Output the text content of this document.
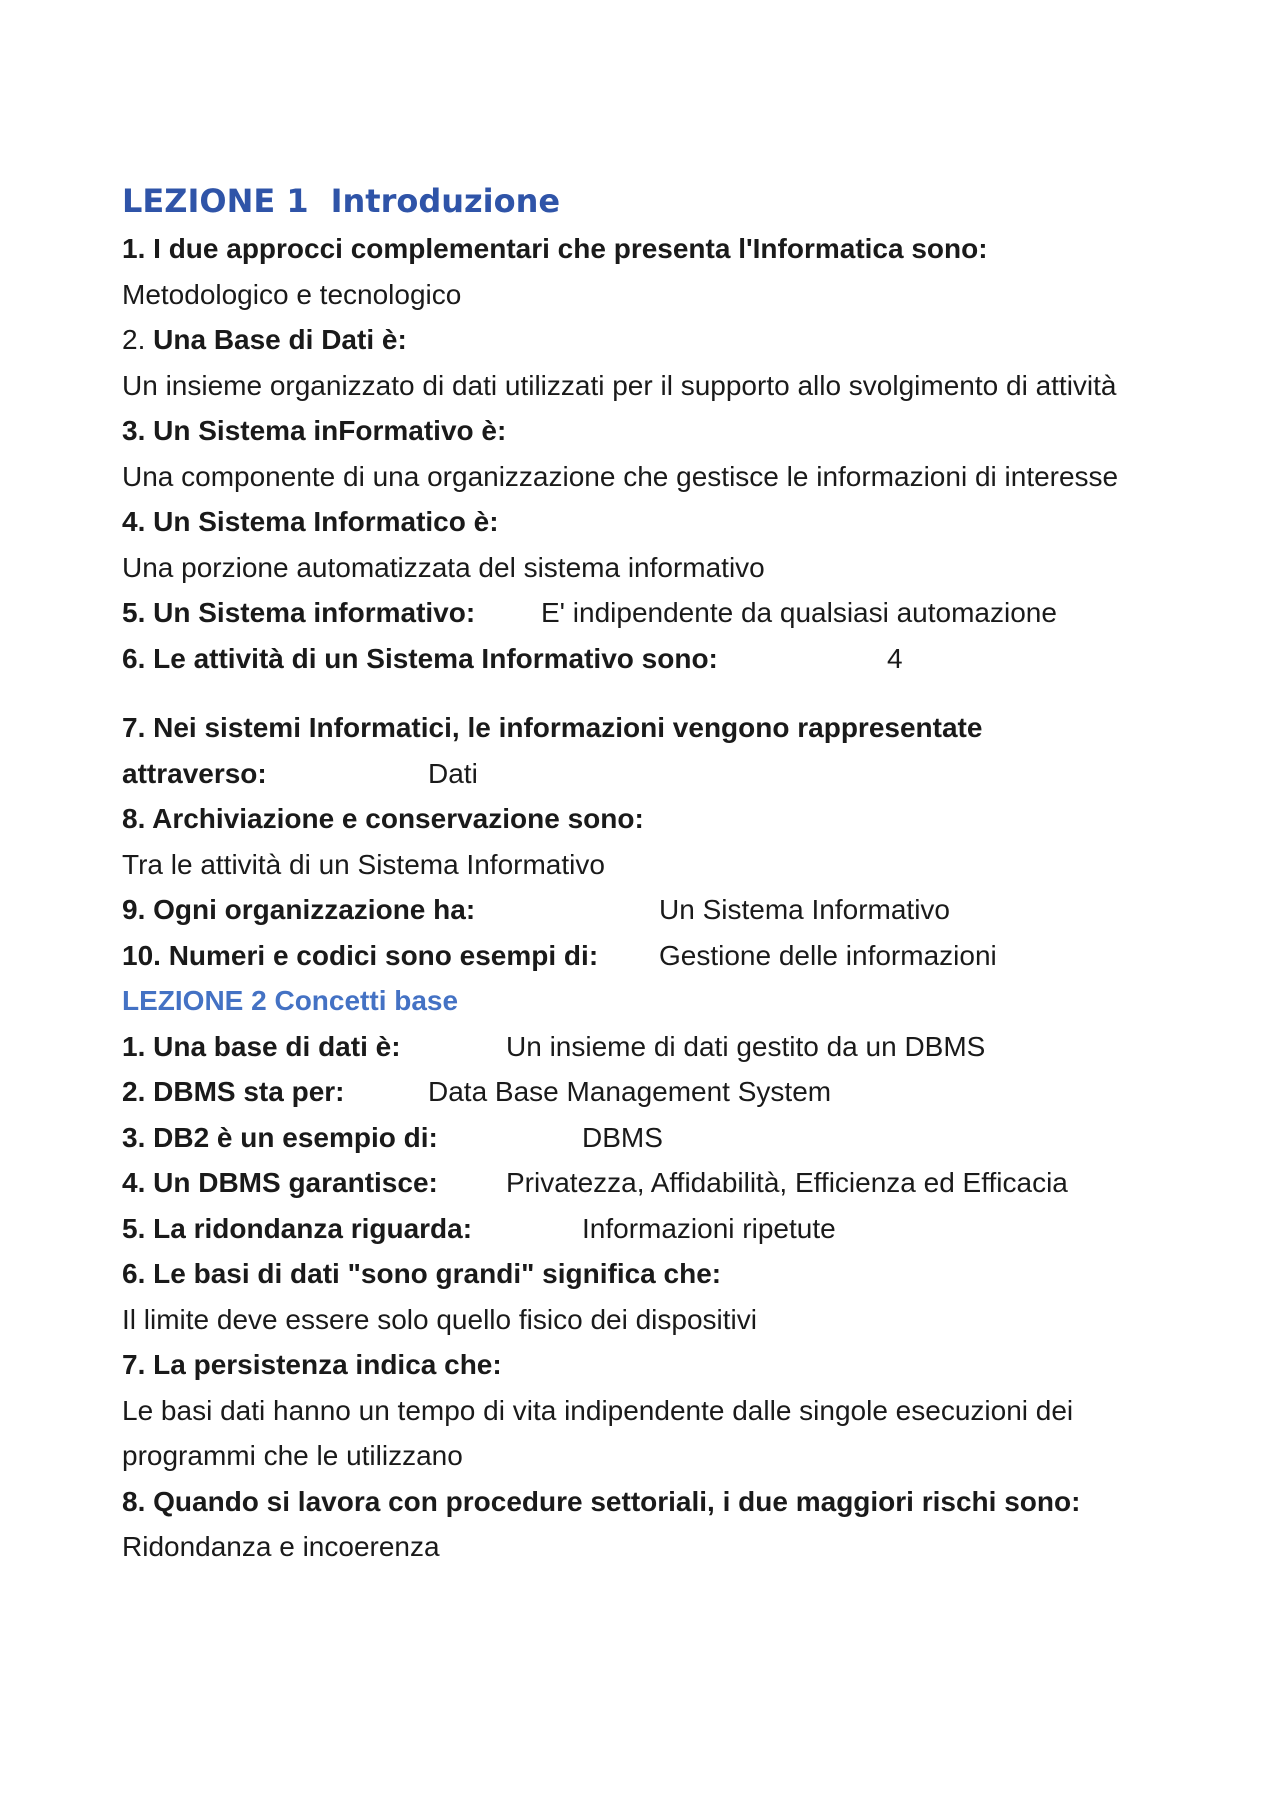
LEZIONE 1 Introduzione

1. I due approcci complementari che presenta l'Informatica sono:

Metodologico e tecnologico

2. Una Base di Dati è:

Un insieme organizzato di dati utilizzati per il supporto allo svolgimento di attività

3. Un Sistema inFormativo è:

Una componente di una organizzazione che gestisce le informazioni di interesse

4. Un Sistema Informatico è:

Una porzione automatizzata del sistema informativo

5. Un Sistema informativo: E' indipendente da qualsiasi automazione

6. Le attività di un Sistema Informativo sono:	4

7. Nei sistemi Informatici, le informazioni vengono rappresentate

attraverso:	Dati

8. Archiviazione e conservazione sono:

Tra le attività di un Sistema Informativo

9. Ogni organizzazione ha:	Un Sistema Informativo

10. Numeri e codici sono esempi di: Gestione delle informazioni

LEZIONE 2 Concetti base

1. Una base di dati è:	Un insieme di dati gestito da un DBMS

2. DBMS sta per:	Data Base Management System

3. DB2 è un esempio di:	DBMS

4. Un DBMS garantisce: Privatezza, Affidabilità, Efficienza ed Efficacia

5. La ridondanza riguarda:	Informazioni ripetute

6. Le basi di dati "sono grandi" significa che:

Il limite deve essere solo quello fisico dei dispositivi

7. La persistenza indica che:

Le basi dati hanno un tempo di vita indipendente dalle singole esecuzioni dei programmi che le utilizzano

8. Quando si lavora con procedure settoriali, i due maggiori rischi sono:

Ridondanza e incoerenza
